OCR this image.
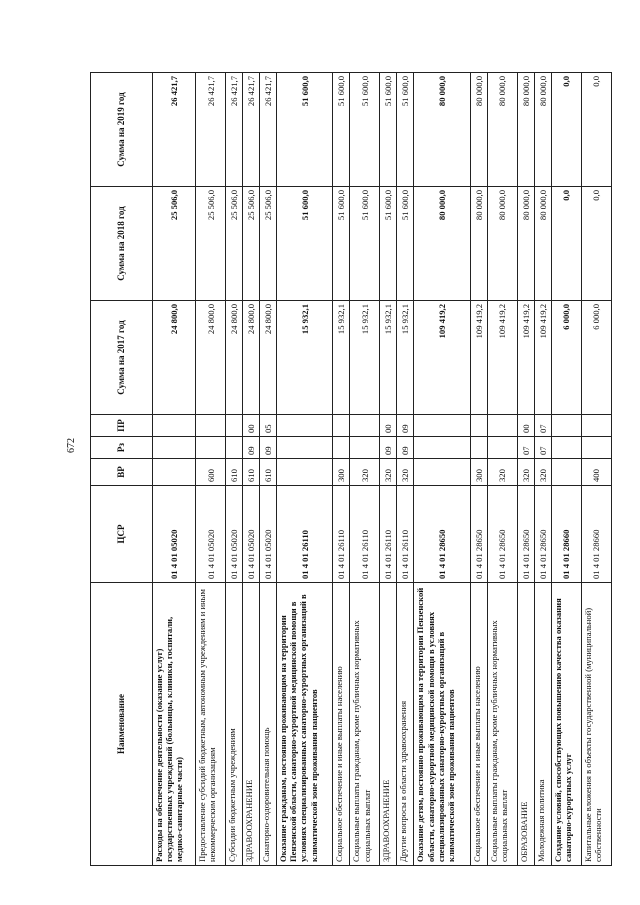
672
Наименование	ЦСР	ВР	Рз	ПР	Сумма на 2017 год	Сумма на 2018 год	Сумма на 2019 год
Расходы на обеспечение деятельности (оказание услуг) государственных учреждений (больницы, клиники, госпитали, медико-санитарные части)	01 4 01 05020				24 800,0	25 506,0	26 421,7
Предоставление субсидий бюджетным, автономным учреждениям и иным некоммерческим организациям	01 4 01 05020	600			24 800,0	25 506,0	26 421,7
Субсидии бюджетным учреждениям	01 4 01 05020	610			24 800,0	25 506,0	26 421,7
ЗДРАВООХРАНЕНИЕ	01 4 01 05020	610	09	00	24 800,0	25 506,0	26 421,7
Санаторно-оздоровительная помощь	01 4 01 05020	610	09	05	24 800,0	25 506,0	26 421,7
Оказание гражданам, постоянно проживающим на территории Пензенской области, санаторно-курортной медицинской помощи в условиях специализированных санаторно-курортных организаций в климатической зоне проживания пациентов	01 4 01 26110				15 932,1	51 600,0	51 600,0
Социальное обеспечение и иные выплаты населению	01 4 01 26110	300			15 932,1	51 600,0	51 600,0
Социальные выплаты гражданам, кроме публичных нормативных социальных выплат	01 4 01 26110	320			15 932,1	51 600,0	51 600,0
ЗДРАВООХРАНЕНИЕ	01 4 01 26110	320	09	00	15 932,1	51 600,0	51 600,0
Другие вопросы в области здравоохранения	01 4 01 26110	320	09	09	15 932,1	51 600,0	51 600,0
Оказание детям, постоянно проживающим на территории Пензенской области, санаторно-курортной медицинской помощи в условиях специализированных санаторно-курортных организаций в климатической зоне проживания пациентов	01 4 01 28650				109 419,2	80 000,0	80 000,0
Социальное обеспечение и иные выплаты населению	01 4 01 28650	300			109 419,2	80 000,0	80 000,0
Социальные выплаты гражданам, кроме публичных нормативных социальных выплат	01 4 01 28650	320			109 419,2	80 000,0	80 000,0
ОБРАЗОВАНИЕ	01 4 01 28650	320	07	00	109 419,2	80 000,0	80 000,0
Молодежная политика	01 4 01 28650	320	07	07	109 419,2	80 000,0	80 000,0
Создание условий, способствующих повышению качества оказания санаторно-курортных услуг	01 4 01 28660				6 000,0	0,0	0,0
Капитальные вложения в объекты государственной (муниципальной) собственности	01 4 01 28660	400			6 000,0	0,0	0,0
